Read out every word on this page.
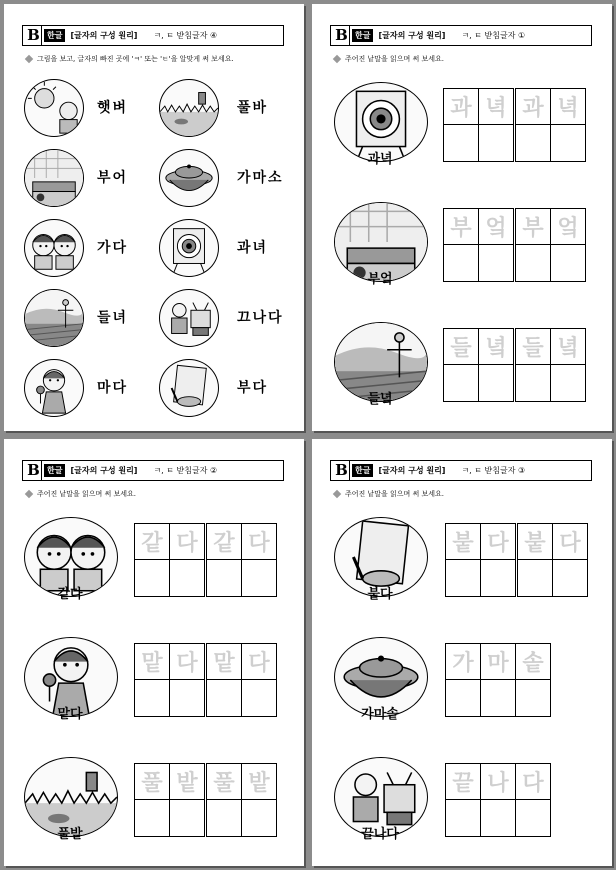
B 한글	[글자의 구성 원리] ㅋ, ㅌ 받침글자 ④
그림을 보고, 글자의 빠진 곳에 'ㅋ' 또는 'ㅌ'을 알맞게 써 보세요.
햇벼	풀바
부어	가마소
가다	과녀
들녀	끄나다
마다	부다
B 한글	[글자의 구성 원리] ㅋ, ㅌ 받침글자 ①
주어진 낱말을 읽으며 써 보세요.
과녁
과 녁 과 녁
부엌
부 엌 부 엌
들녘
들 녘 들 녘
B 한글	[글자의 구성 원리] ㅋ, ㅌ 받침글자 ②
주어진 낱말을 읽으며 써 보세요.
같다
같 다 같 다
맡다
맡 다 맡 다
풀밭
풀 밭 풀 밭
B 한글	[글자의 구성 원리] ㅋ, ㅌ 받침글자 ③
주어진 낱말을 읽으며 써 보세요.
붙다
붙 다 붙 다
가마솥
가 마 솥
끝나다
끝 나 다
